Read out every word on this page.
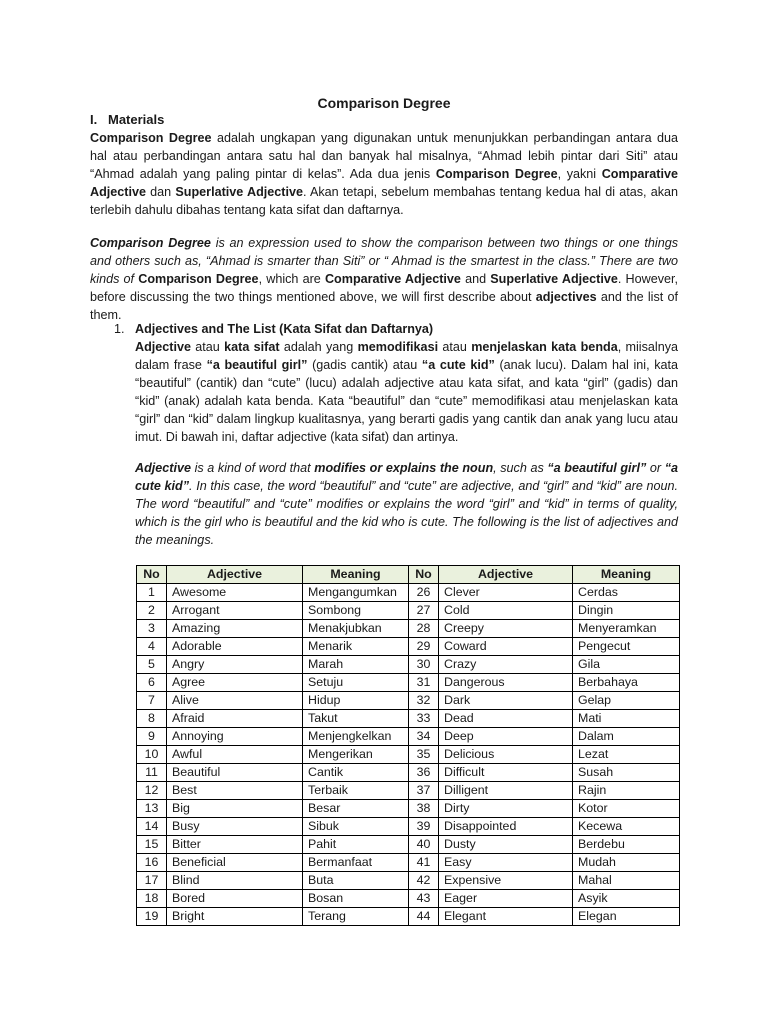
Comparison Degree
I. Materials

Comparison Degree adalah ungkapan yang digunakan untuk menunjukkan perbandingan antara dua hal atau perbandingan antara satu hal dan banyak hal misalnya, “Ahmad lebih pintar dari Siti” atau “Ahmad adalah yang paling pintar di kelas”. Ada dua jenis Comparison Degree, yakni Comparative Adjective dan Superlative Adjective. Akan tetapi, sebelum membahas tentang kedua hal di atas, akan terlebih dahulu dibahas tentang kata sifat dan daftarnya.

Comparison Degree is an expression used to show the comparison between two things or one things and others such as, “Ahmad is smarter than Siti” or “ Ahmad is the smartest in the class.” There are two kinds of Comparison Degree, which are Comparative Adjective and Superlative Adjective. However, before discussing the two things mentioned above, we will first describe about adjectives and the list of them.

1. Adjectives and The List (Kata Sifat dan Daftarnya)

Adjective atau kata sifat adalah yang memodifikasi atau menjelaskan kata benda, miisalnya dalam frase “a beautiful girl” (gadis cantik) atau “a cute kid” (anak lucu). Dalam hal ini, kata “beautiful” (cantik) dan “cute” (lucu) adalah adjective atau kata sifat, and kata “girl” (gadis) dan “kid” (anak) adalah kata benda. Kata “beautiful” dan “cute” memodifikasi atau menjelaskan kata “girl” dan “kid” dalam lingkup kualitasnya, yang berarti gadis yang cantik dan anak yang lucu atau imut. Di bawah ini, daftar adjective (kata sifat) dan artinya.

Adjective is a kind of word that modifies or explains the noun, such as “a beautiful girl” or “a cute kid”. In this case, the word “beautiful” and “cute” are adjective, and “girl” and “kid” are noun. The word “beautiful” and “cute” modifies or explains the word “girl” and “kid” in terms of quality, which is the girl who is beautiful and the kid who is cute. The following is the list of adjectives and the meanings.

No	Adjective	Meaning	No	Adjective	Meaning
1	Awesome	Mengangumkan	26	Clever	Cerdas
2	Arrogant	Sombong	27	Cold	Dingin
3	Amazing	Menakjubkan	28	Creepy	Menyeramkan
4	Adorable	Menarik	29	Coward	Pengecut
5	Angry	Marah	30	Crazy	Gila
6	Agree	Setuju	31	Dangerous	Berbahaya
7	Alive	Hidup	32	Dark	Gelap
8	Afraid	Takut	33	Dead	Mati
9	Annoying	Menjengkelkan	34	Deep	Dalam
10	Awful	Mengerikan	35	Delicious	Lezat
11	Beautiful	Cantik	36	Difficult	Susah
12	Best	Terbaik	37	Dilligent	Rajin
13	Big	Besar	38	Dirty	Kotor
14	Busy	Sibuk	39	Disappointed	Kecewa
15	Bitter	Pahit	40	Dusty	Berdebu
16	Beneficial	Bermanfaat	41	Easy	Mudah
17	Blind	Buta	42	Expensive	Mahal
18	Bored	Bosan	43	Eager	Asyik
19	Bright	Terang	44	Elegant	Elegan
